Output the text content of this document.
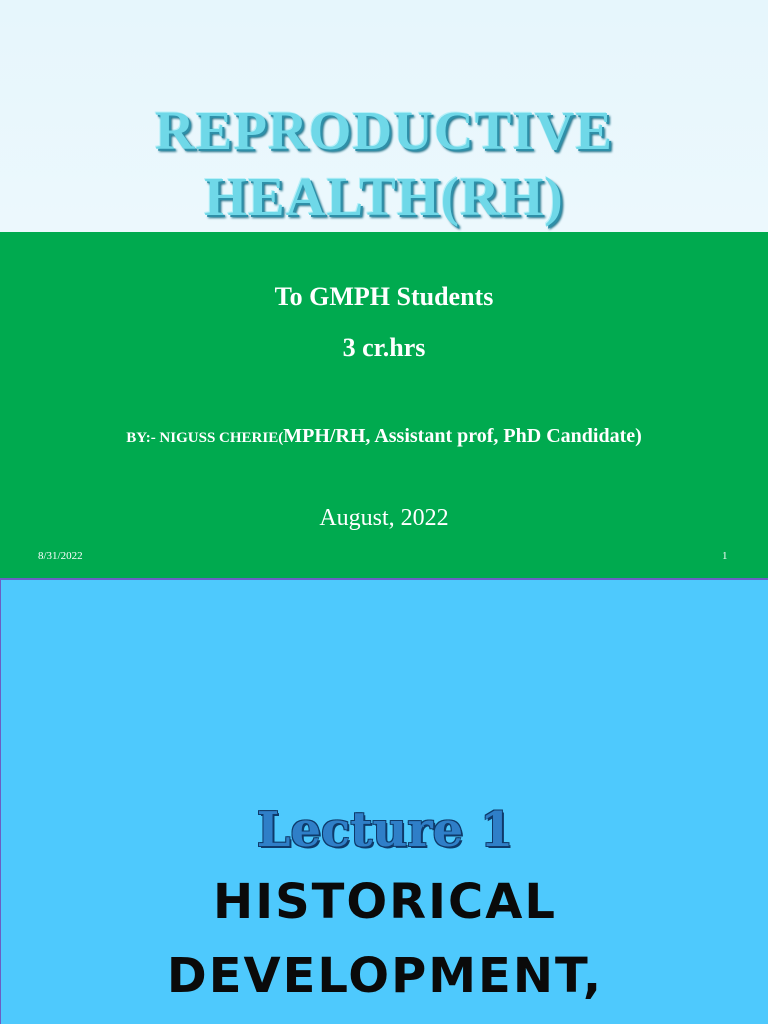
REPRODUCTIVE
HEALTH(RH)
To GMPH Students
3 cr.hrs
BY:- NIGUSS CHERIE(MPH/RH, Assistant prof, PhD Candidate)
August, 2022
8/31/2022	1
Lecture 1
HISTORICAL
DEVELOPMENT,
